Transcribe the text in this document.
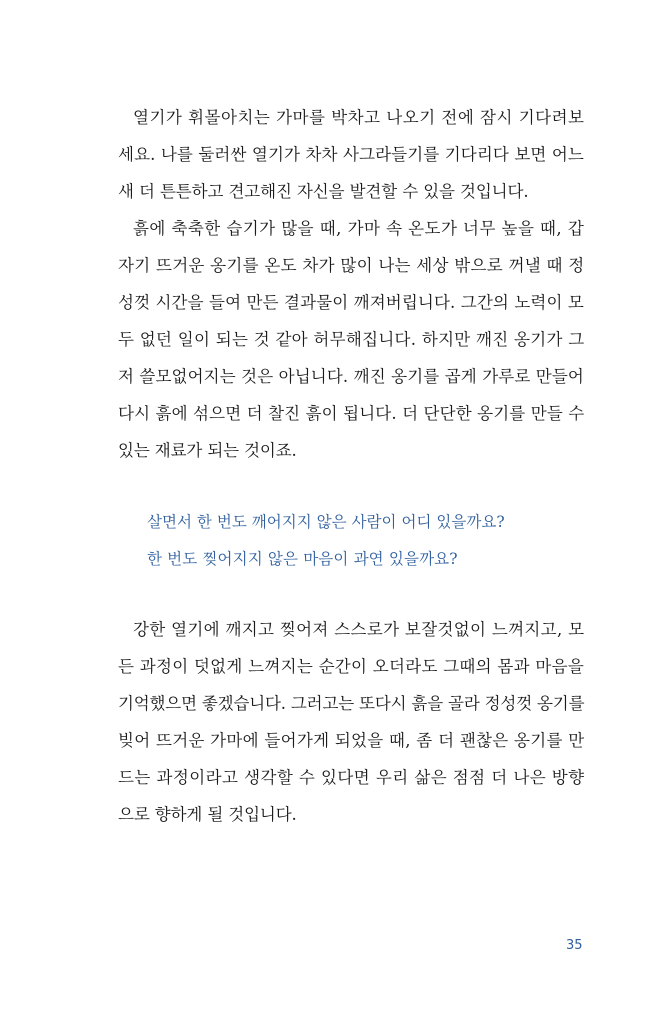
열기가 휘몰아치는 가마를 박차고 나오기 전에 잠시 기다려보
세요. 나를 둘러싼 열기가 차차 사그라들기를 기다리다 보면 어느
새 더 튼튼하고 견고해진 자신을 발견할 수 있을 것입니다.
흙에 축축한 습기가 많을 때, 가마 속 온도가 너무 높을 때, 갑
자기 뜨거운 옹기를 온도 차가 많이 나는 세상 밖으로 꺼낼 때 정
성껏 시간을 들여 만든 결과물이 깨져버립니다. 그간의 노력이 모
두 없던 일이 되는 것 같아 허무해집니다. 하지만 깨진 옹기가 그
저 쓸모없어지는 것은 아닙니다. 깨진 옹기를 곱게 가루로 만들어
다시 흙에 섞으면 더 찰진 흙이 됩니다. 더 단단한 옹기를 만들 수
있는 재료가 되는 것이죠.
살면서 한 번도 깨어지지 않은 사람이 어디 있을까요?
한 번도 찢어지지 않은 마음이 과연 있을까요?
강한 열기에 깨지고 찢어져 스스로가 보잘것없이 느껴지고, 모
든 과정이 덧없게 느껴지는 순간이 오더라도 그때의 몸과 마음을
기억했으면 좋겠습니다. 그러고는 또다시 흙을 골라 정성껏 옹기를
빚어 뜨거운 가마에 들어가게 되었을 때, 좀 더 괜찮은 옹기를 만
드는 과정이라고 생각할 수 있다면 우리 삶은 점점 더 나은 방향
으로 향하게 될 것입니다.
35
